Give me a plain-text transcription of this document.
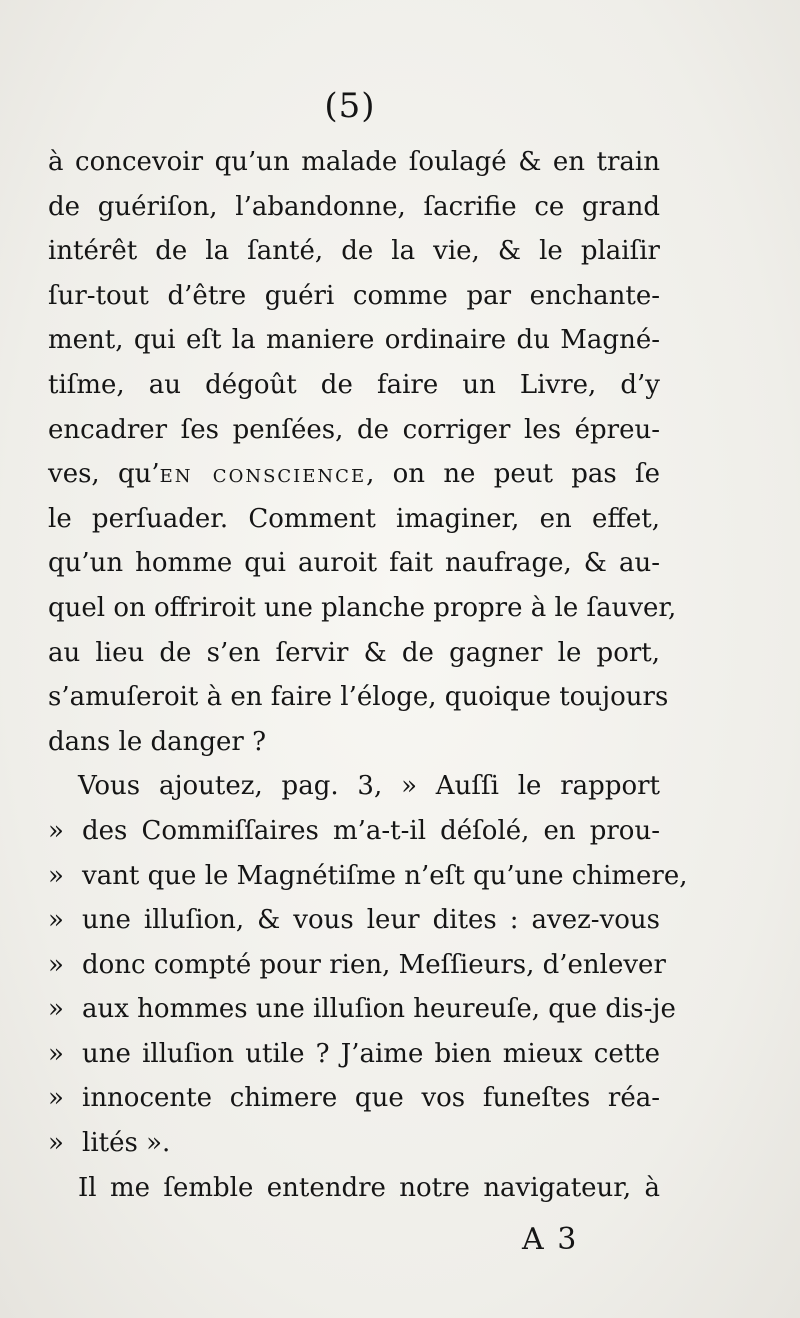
(5)
à concevoir qu’un malade ſoulagé & en train
de guériſon, l’abandonne, ſacrifie ce grand
intérêt de la ſanté, de la vie, & le plaiſir
ſur-tout d’être guéri comme par enchante-
ment, qui eſt la maniere ordinaire du Magné-
tiſme, au dégoût de faire un Livre, d’y
encadrer ſes penſées, de corriger les épreu-
ves, qu’en conscience, on ne peut pas ſe
le perſuader. Comment imaginer, en effet,
qu’un homme qui auroit fait naufrage, & au-
quel on offriroit une planche propre à le ſauver,
au lieu de s’en ſervir & de gagner le port,
s’amuſeroit à en faire l’éloge, quoique toujours
dans le danger ?
Vous ajoutez, pag. 3, » Auſſi le rapport
» des Commiſſaires m’a-t-il déſolé, en prou-
» vant que le Magnétiſme n’eſt qu’une chimere,
» une illuſion, & vous leur dites : avez-vous
» donc compté pour rien, Meſſieurs, d’enlever
» aux hommes une illuſion heureuſe, que dis-je
» une illuſion utile ? J’aime bien mieux cette
» innocente chimere que vos funeſtes réa-
» lités ».
Il me ſemble entendre notre navigateur, à
A 3
